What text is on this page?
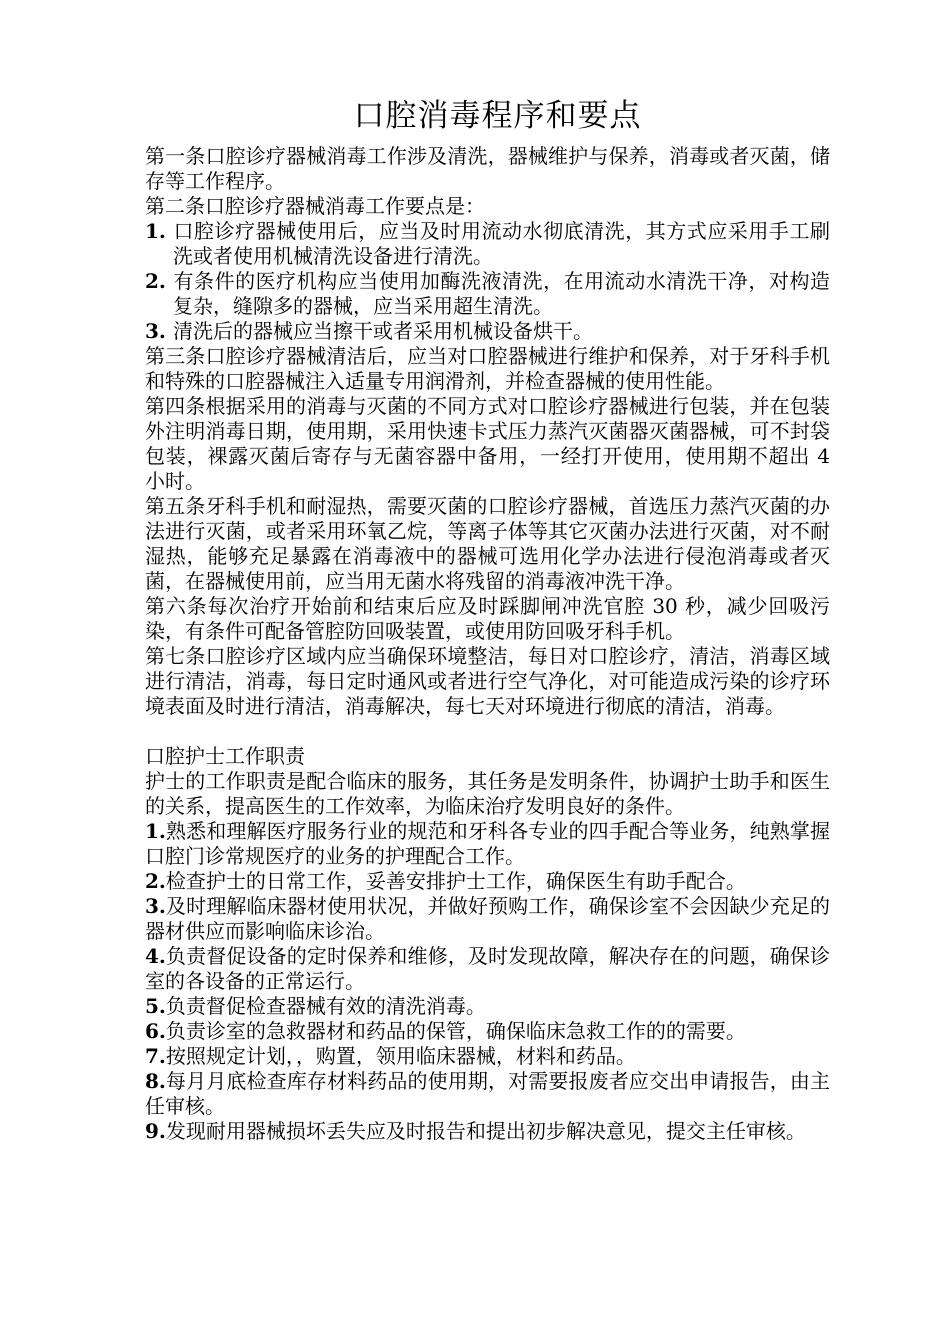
口腔消毒程序和要点

第一条口腔诊疗器械消毒工作涉及清洗，器械维护与保养，消毒或者灭菌，储存等工作程序。

第二条口腔诊疗器械消毒工作要点是：

1. 口腔诊疗器械使用后，应当及时用流动水彻底清洗，其方式应采用手工刷洗或者使用机械清洗设备进行清洗。

2. 有条件的医疗机构应当使用加酶洗液清洗，在用流动水清洗干净，对构造复杂，缝隙多的器械，应当采用超生清洗。

3. 清洗后的器械应当擦干或者采用机械设备烘干。

第三条口腔诊疗器械清洁后，应当对口腔器械进行维护和保养，对于牙科手机和特殊的口腔器械注入适量专用润滑剂，并检查器械的使用性能。

第四条根据采用的消毒与灭菌的不同方式对口腔诊疗器械进行包装，并在包装外注明消毒日期，使用期，采用快速卡式压力蒸汽灭菌器灭菌器械，可不封袋包装，裸露灭菌后寄存与无菌容器中备用，一经打开使用，使用期不超出 4 小时。

第五条牙科手机和耐湿热，需要灭菌的口腔诊疗器械，首选压力蒸汽灭菌的办法进行灭菌，或者采用环氧乙烷，等离子体等其它灭菌办法进行灭菌，对不耐湿热，能够充足暴露在消毒液中的器械可选用化学办法进行侵泡消毒或者灭菌，在器械使用前，应当用无菌水将残留的消毒液冲洗干净。

第六条每次治疗开始前和结束后应及时踩脚闸冲洗官腔 30 秒，减少回吸污染，有条件可配备管腔防回吸装置，或使用防回吸牙科手机。

第七条口腔诊疗区域内应当确保环境整洁，每日对口腔诊疗，清洁，消毒区域进行清洁，消毒，每日定时通风或者进行空气净化，对可能造成污染的诊疗环境表面及时进行清洁，消毒解决，每七天对环境进行彻底的清洁，消毒。

口腔护士工作职责

护士的工作职责是配合临床的服务，其任务是发明条件，协调护士助手和医生的关系，提高医生的工作效率，为临床治疗发明良好的条件。

1.熟悉和理解医疗服务行业的规范和牙科各专业的四手配合等业务，纯熟掌握口腔门诊常规医疗的业务的护理配合工作。

2.检查护士的日常工作，妥善安排护士工作，确保医生有助手配合。

3.及时理解临床器材使用状况，并做好预购工作，确保诊室不会因缺少充足的器材供应而影响临床诊治。

4.负责督促设备的定时保养和维修，及时发现故障，解决存在的问题，确保诊室的各设备的正常运行。

5.负责督促检查器械有效的清洗消毒。

6.负责诊室的急救器材和药品的保管，确保临床急救工作的的需要。

7.按照规定计划，，购置，领用临床器械，材料和药品。

8.每月月底检查库存材料药品的使用期，对需要报废者应交出申请报告，由主任审核。

9.发现耐用器械损坏丢失应及时报告和提出初步解决意见，提交主任审核。
